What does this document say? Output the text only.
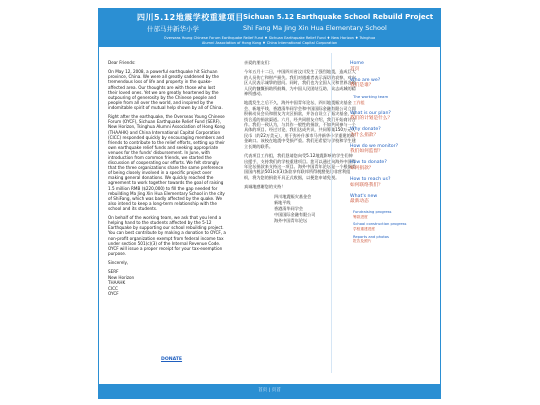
四川5.12地震学校重建项目
什邡马井新华小学
Sichuan 5.12 Earthquake School Rebuild Project
Shi Fang Ma Jing Xin Hua Elementary School
Overseas Young Chinese Forum Earthquake Relief Fund ♦ Sichuan Earthquake Relief Fund ♦ New Horizon ♦ Tsinghua
Alumni Association of Hong Kong ♦ China International Capital Corporation

Dear Friends:

On May 12, 2008, a powerful earthquake hit Sichuan province, China. We were all greatly saddened by the tremendous loss of life and property in the quake-affected area. Our thoughts are with those who lost their loved ones. Yet we are greatly heartened by the outpouring of generosity by the Chinese people and people from all over the world, and inspired by the indomitable spirit of mutual help shown by all of China.

Right after the earthquake, the Overseas Young Chinese Forum (OYCF), Sichuan Earthquake Relief Fund (SERF), New Horizon, Tsinghua Alumni Association of Hong Kong (THAAHK) and China International Capital Corporation (CICC) responded quickly by encouraging members and friends to contribute to the relief efforts, setting up their own earthquake relief funds and seeking appropriate venues for the funds' disbursement. In June, with introduction from common friends, we started the discussion of cooperating our efforts. We felt strongly that the three organizations share the same preference of being closely involved in a specific project over making general donations. We quickly reached the agreement to work together towards the goal of raising 1.5 million RMB ($220,000) to fill the gap needed for rebuilding Ma Jing Xin Hua Elementary School in the city of ShiFang, which was badly affected by the quake. We also intend to keep a long-term relationship with the school and its students.

On behalf of the working team, we ask that you lend a helping hand to the students affected by the 5-12 Earthquake by supporting our school rebuilding project. You can best contribute by making a donation to OYCF, a non-profit organization exempt from federal income tax under section 501(c)(3) of the Internal Revenue Code. OYCF will issue a proper receipt for your tax-exemption purpose.

Sincerely,

SERF
New Horizon
THAAHK
CICC
OYCF
DONATE

亲爱的朋友们：

今年五月十二日，中国四川省汶川发生了强烈地震，造成巨大的人员伤亡和财产损失。我们对遇难者表示深切的哀悼，对灾区人民表示诚挚的慰问。同时，我们也为全国人民和世界各地人民的慷慨捐助所鼓舞，为中国人民团结互助、众志成城的精神所感动。

地震发生之后不久，海外中国青年论坛、四川地震赈灾基金会、新地平线、香港清华同学会和中国国际金融有限公司立即积极动员会员和朋友为灾区捐款，并各自设立了赈灾基金，寻找合适的捐款渠道。六月，经共同朋友介绍，我们开始商讨合作。我们一致认为，与其作一般性的捐款，不如共同参与一个具体的项目。经过讨论，我们达成共识，共同筹集150万元人民币（约22万美元），用于弥补什邡市马井新华小学重建的资金缺口。该校在地震中受损严重。我们还希望与学校和学生建立长期的联系。

代表项目工作组，我们恳请您向受5.12地震影响的学生们伸出援手，支持我们的学校重建项目。您可以通过向海外中国青年论坛捐款来支持这一项目。海外中国青年论坛是一个根据美国国内税法501(c)(3)条款享有联邦所得税豁免的非营利组织，将为您的捐款开具正式收据，以便您申请免税。

真诚地感谢您的支持！

四川地震赈灾基金会
新地平线
香港清华同学会
中国国际金融有限公司
海外中国青年论坛
Home
首页
Who are we?
我们是谁？
The working team
工作组
What is our plan?
我们的计划是什么？
Why donate?
为什么捐款？
How do we monitor?
我们如何监督？
How to donate?
如何捐款？
How to reach us?
如何联络我们？
What's new
最新动态
Fundraising progress
筹款进度
School construction progress
学校重建进度
Reports and photos
报告及照片
首页 | 页首
